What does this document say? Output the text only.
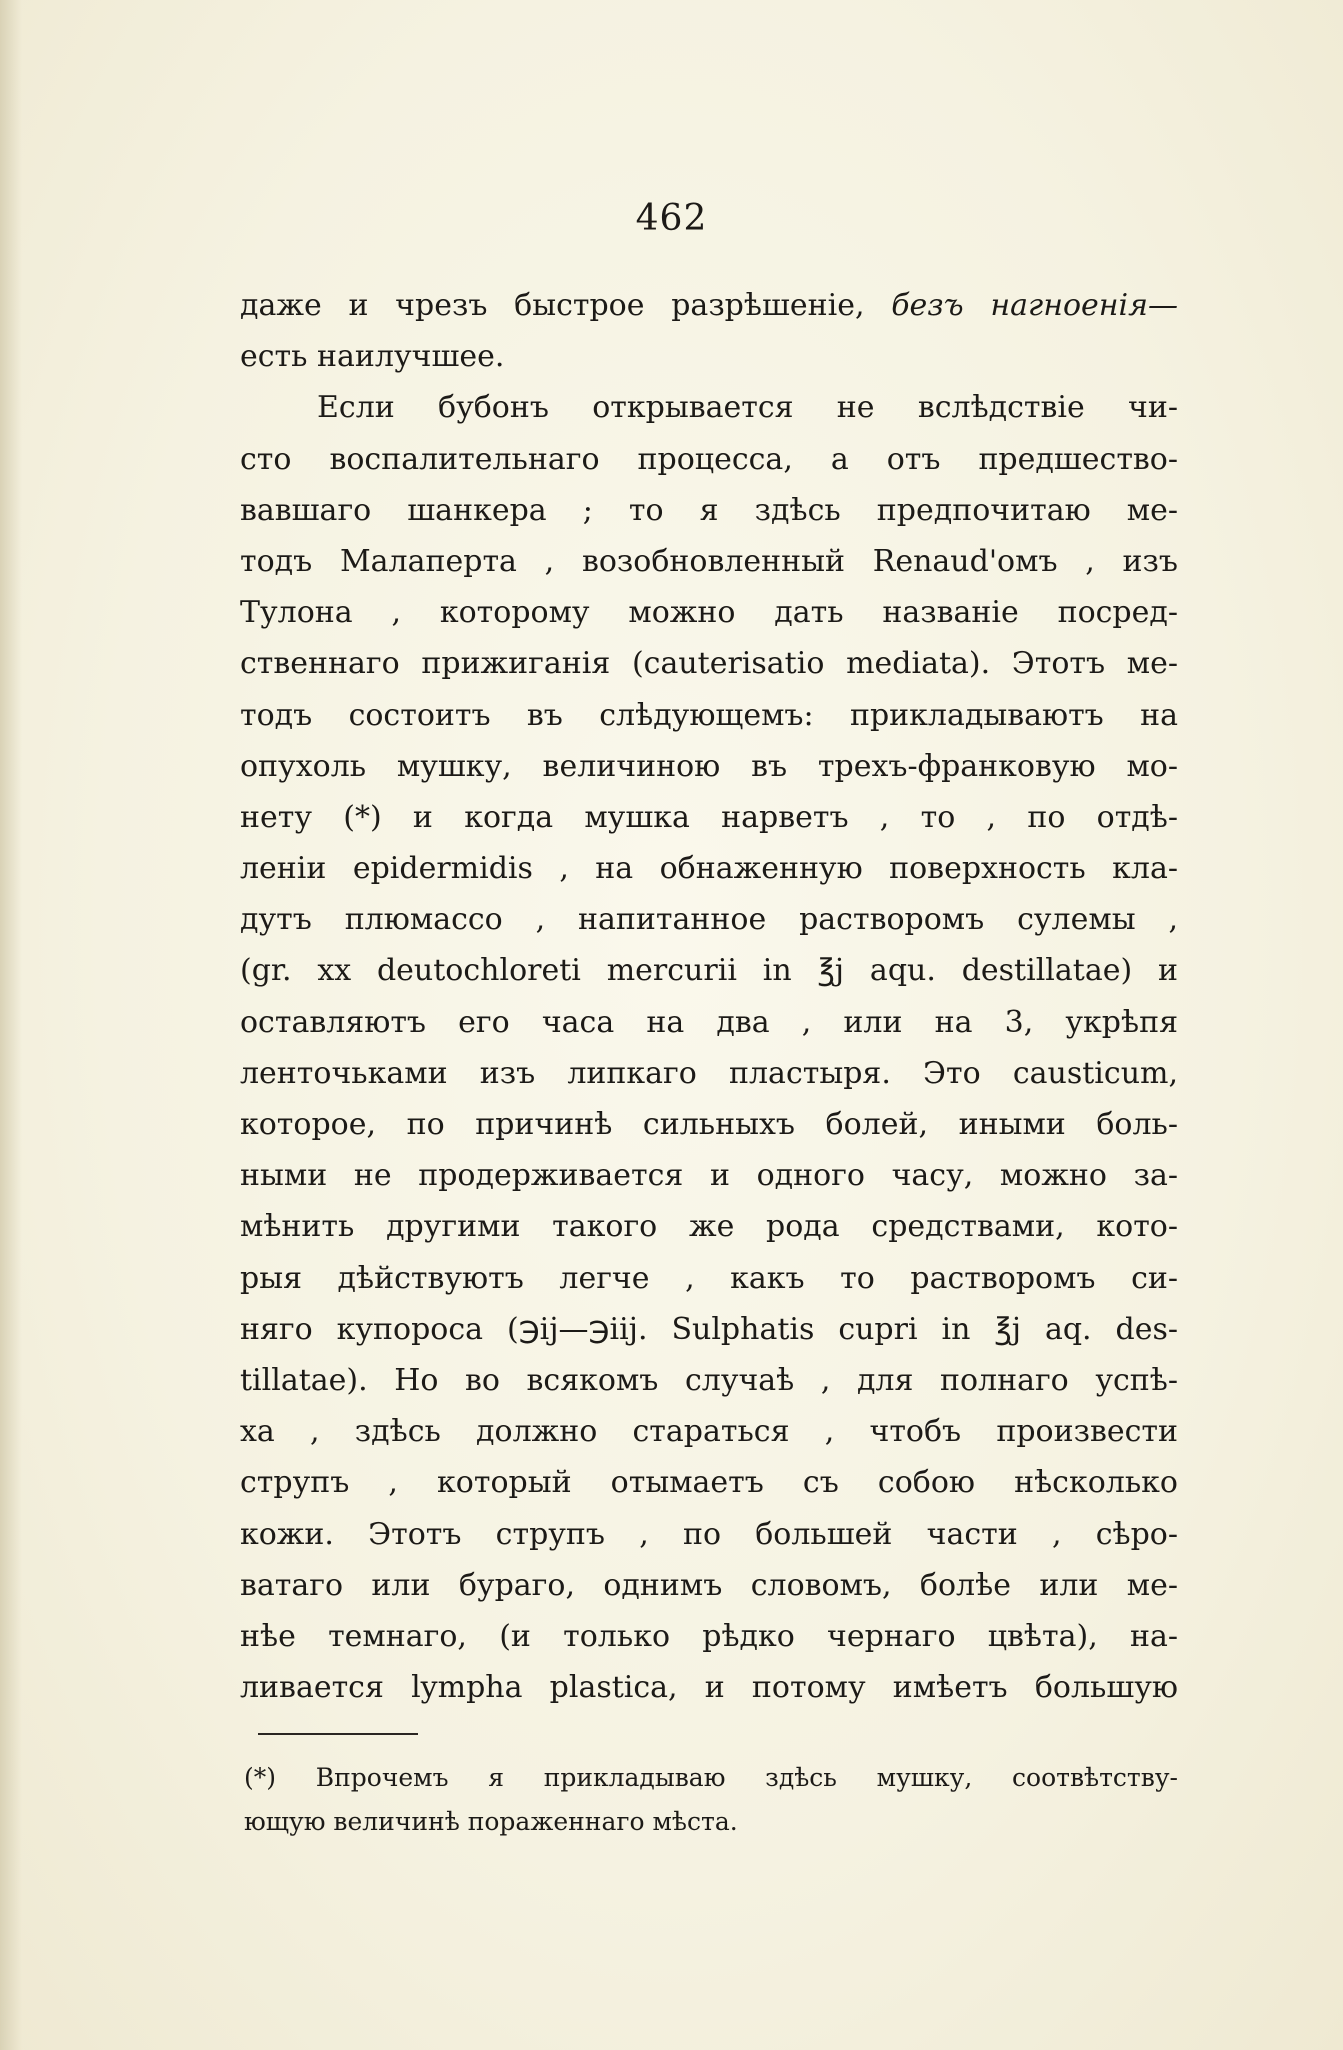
462
даже и чрезъ быстрое разрѣшеніе, безъ нагноенія—
есть наилучшее.
Если бубонъ открывается не вслѣдствіе чи-
сто воспалительнаго процесса, а отъ предшество-
вавшаго шанкера ; то я здѣсь предпочитаю ме-
тодъ Малаперта , возобновленный Renaud'омъ , изъ
Тулона , которому можно дать названіе посред-
ственнаго прижиганія (cauterisatio mediata). Этотъ ме-
тодъ состоитъ въ слѣдующемъ: прикладываютъ на
опухоль мушку, величиною въ трехъ-франковую мо-
нету (*) и когда мушка нарветъ , то , по отдѣ-
леніи epidermidis , на обнаженную поверхность кла-
дутъ плюмассо , напитанное растворомъ сулемы ,
(gr. xx deutochloreti mercurii in ℥j aqu. destillatae) и
оставляютъ его часа на два , или на 3, укрѣпя
ленточьками изъ липкаго пластыря. Это causticum,
которое, по причинѣ сильныхъ болей, иными боль-
ными не продерживается и одного часу, можно за-
мѣнить другими такого же рода средствами, кото-
рыя дѣйствуютъ легче , какъ то растворомъ си-
няго купороса (℈ij—℈iij. Sulphatis cupri in ℥j aq. des-
tillatae). Но во всякомъ случаѣ , для полнаго успѣ-
ха , здѣсь должно стараться , чтобъ произвести
струпъ , который отымаетъ съ собою нѣсколько
кожи. Этотъ струпъ , по большей части , сѣро-
ватаго или бураго, однимъ словомъ, болѣе или ме-
нѣе темнаго, (и только рѣдко чернаго цвѣта), на-
ливается lympha plastica, и потому имѣетъ большую
(*) Впрочемъ я прикладываю здѣсь мушку, соотвѣтству-
ющую величинѣ пораженнаго мѣста.
